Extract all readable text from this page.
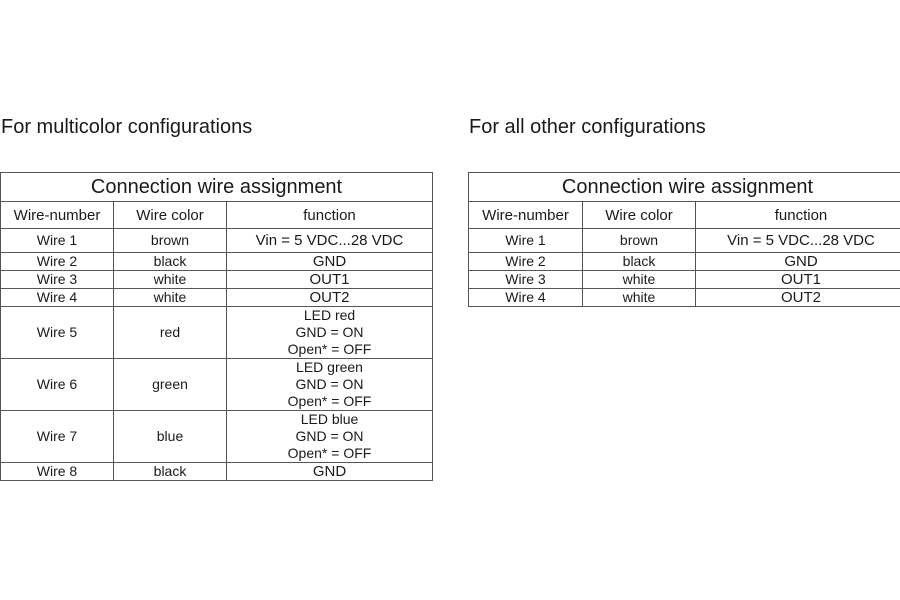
For multicolor configurations	For all other configurations
Connection wire assignment		
Wire-number	Wire color	function
Wire 1	brown	Vin = 5 VDC...28 VDC

Wire 2	black	GND

Wire 3	white	OUT1

Wire 4	white	OUT2

Wire 5	red	LED red
GND = ON
Open* = OFF

Wire 6	green	LED green
GND = ON
Open* = OFF

Wire 7	blue	LED blue
GND = ON
Open* = OFF

Wire 8	black	GND
Connection wire assignment		
Wire-number	Wire color	function
Wire 1	brown	Vin = 5 VDC...28 VDC

Wire 2	black	GND

Wire 3	white	OUT1

Wire 4	white	OUT2
